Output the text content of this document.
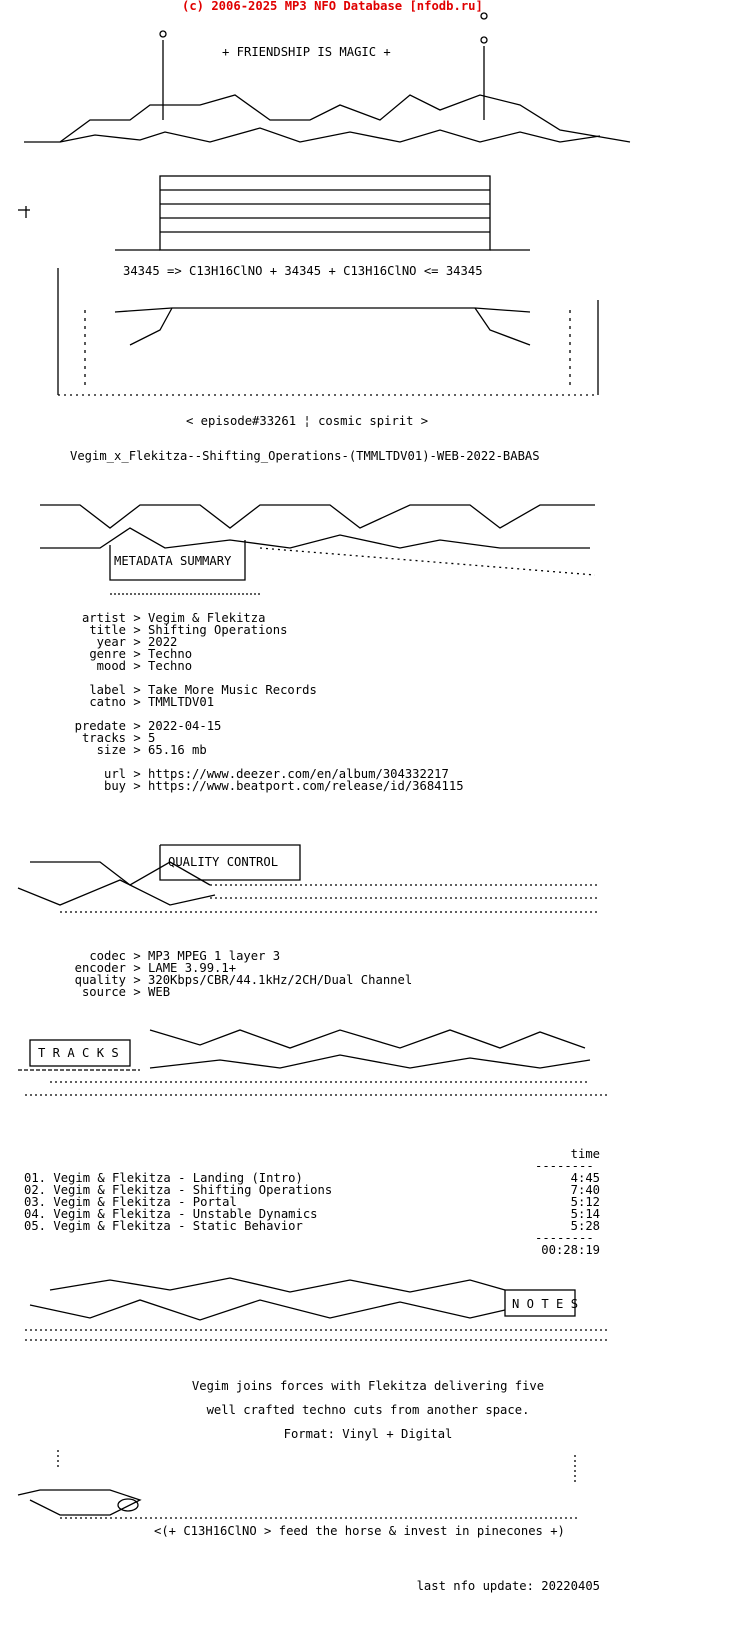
(c) 2006-2025 MP3 NFO Database [nfodb.ru]
+ FRIENDSHIP IS MAGIC +
34345 => C13H16ClNO + 34345 + C13H16ClNO <= 34345
< episode#33261 ¦ cosmic spirit >
Vegim_x_Flekitza--Shifting_Operations-(TMMLTDV01)-WEB-2022-BABAS
METADATA SUMMARY
artist > Vegim & Flekitza
title > Shifting Operations
year > 2022
genre > Techno
mood > Techno
label > Take More Music Records
catno > TMMLTDV01
predate > 2022-04-15
tracks > 5
size > 65.16 mb
url > https://www.deezer.com/en/album/304332217
buy > https://www.beatport.com/release/id/3684115
QUALITY CONTROL
codec > MP3 MPEG 1 layer 3
encoder > LAME 3.99.1+
quality > 320Kbps/CBR/44.1kHz/2CH/Dual Channel
source > WEB
T R A C K S
time
--------
01. Vegim & Flekitza - Landing (Intro)	4:45
02. Vegim & Flekitza - Shifting Operations	7:40
03. Vegim & Flekitza - Portal	5:12
04. Vegim & Flekitza - Unstable Dynamics	5:14
05. Vegim & Flekitza - Static Behavior	5:28
--------
00:28:19
N O T E S
Vegim joins forces with Flekitza delivering five
well crafted techno cuts from another space.
Format: Vinyl + Digital
<(+ C13H16ClNO > feed the horse & invest in pinecones +)
last nfo update: 20220405
